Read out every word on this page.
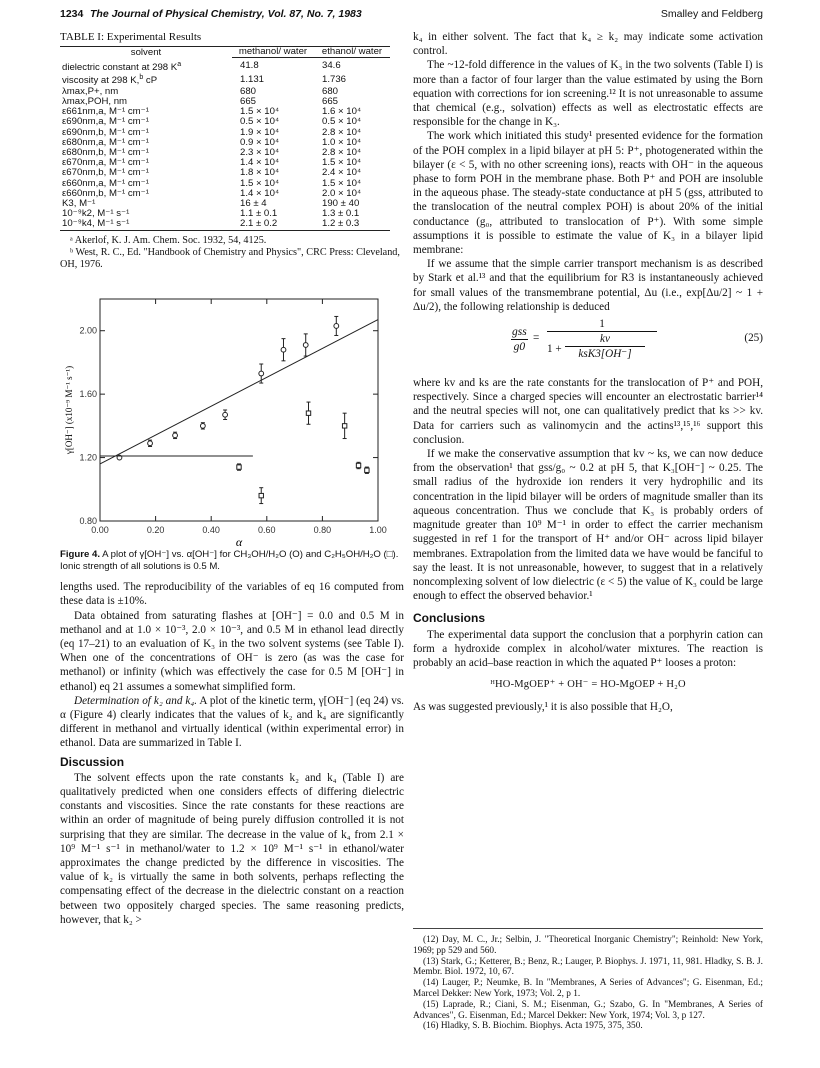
1234 The Journal of Physical Chemistry, Vol. 87, No. 7, 1983	Smalley and Feldberg
TABLE I: Experimental Results
solvent	methanol/ water	ethanol/ water

dielectric constant at 298 $K^a$	41.8	34.6
viscosity at 298 K,$^b$ cP	1.131	1.736
λmax,P+, nm	680	680
λmax,POH, nm	665	665
ε661nm,a, M⁻¹ cm⁻¹	1.5 × 10⁴	1.6 × 10⁴
ε690nm,a, M⁻¹ cm⁻¹	0.5 × 10⁴	0.5 × 10⁴
ε690nm,b, M⁻¹ cm⁻¹	1.9 × 10⁴	2.8 × 10⁴
ε680nm,a, M⁻¹ cm⁻¹	0.9 × 10⁴	1.0 × 10⁴
ε680nm,b, M⁻¹ cm⁻¹	2.3 × 10⁴	2.8 × 10⁴
ε670nm,a, M⁻¹ cm⁻¹	1.4 × 10⁴	1.5 × 10⁴
ε670nm,b, M⁻¹ cm⁻¹	1.8 × 10⁴	2.4 × 10⁴
ε660nm,a, M⁻¹ cm⁻¹	1.5 × 10⁴	1.5 × 10⁴
ε660nm,b, M⁻¹ cm⁻¹	1.4 × 10⁴	2.0 × 10⁴
K3, M⁻¹	16 ± 4	190 ± 40
10⁻⁹k2, M⁻¹ s⁻¹	1.1 ± 0.1	1.3 ± 0.1
10⁻⁹k4, M⁻¹ s⁻¹	2.1 ± 0.2	1.2 ± 0.3
ᵃ Akerlof, K. J. Am. Chem. Soc. 1932, 54, 4125.
ᵇ West, R. C., Ed. "Handbook of Chemistry and Physics", CRC Press: Cleveland, OH, 1976.
0.00	0.20	0.40	0.60	0.80	1.00
0.80
1.20
1.60
2.00
α
γ[OH⁻] (x10⁻⁹ M⁻¹ s⁻¹)
Figure 4. A plot of γ[OH⁻] vs. α[OH⁻] for CH₃OH/H₂O (O) and C₂H₅OH/H₂O (□). Ionic strength of all solutions is 0.5 M.

lengths used. The reproducibility of the variables of eq 16 computed from these data is ±10%.

Data obtained from saturating flashes at [OH⁻] = 0.0 and 0.5 M in methanol and at 1.0 × 10⁻³, 2.0 × 10⁻³, and 0.5 M in ethanol lead directly (eq 17–21) to an evaluation of K₃ in the two solvent systems (see Table I). When one of the concentrations of OH⁻ is zero (as was the case for methanol) or infinity (which was effectively the case for 0.5 M [OH⁻] in ethanol) eq 21 assumes a somewhat simplified form.

Determination of k₂ and k₄. A plot of the kinetic term, γ[OH⁻] (eq 24) vs. α (Figure 4) clearly indicates that the values of k₂ and k₄ are significantly different in methanol and virtually identical (within experimental error) in ethanol. Data are summarized in Table I.

Discussion

The solvent effects upon the rate constants k₂ and k₄ (Table I) are qualitatively predicted when one considers effects of differing dielectric constants and viscosities. Since the rate constants for these reactions are within an order of magnitude of being purely diffusion controlled it is not surprising that they are similar. The decrease in the value of k₄ from 2.1 × 10⁹ M⁻¹ s⁻¹ in methanol/water to 1.2 × 10⁹ M⁻¹ s⁻¹ in ethanol/water approximates the change predicted by the difference in viscosities. The value of k₂ is virtually the same in both solvents, perhaps reflecting the compensating effect of the decrease in the dielectric constant on a reaction between two oppositely charged species. The same reasoning predicts, however, that k₂ >

k₄ in either solvent. The fact that k₄ ≥ k₂ may indicate some activation control.

The ~12-fold difference in the values of K₃ in the two solvents (Table I) is more than a factor of four larger than the value estimated by using the Born equation with corrections for ion screening.¹² It is not unreasonable to assume that chemical (e.g., solvation) effects as well as electrostatic effects are responsible for the change in K₃.

The work which initiated this study¹ presented evidence for the formation of the POH complex in a lipid bilayer at pH 5: P⁺, photogenerated within the bilayer (ε < 5, with no other screening ions), reacts with OH⁻ in the aqueous phase to form POH in the membrane phase. Both P⁺ and POH are insoluble in the aqueous phase. The steady-state conductance at pH 5 (gss, attributed to the translocation of the neutral complex POH) is about 20% of the initial conductance (g₀, attributed to translocation of P⁺). With some simple assumptions it is possible to estimate the value of K₃ in a bilayer lipid membrane:

If we assume that the simple carrier transport mechanism is as described by Stark et al.¹³ and that the equilibrium for R3 is instantaneously achieved for small values of the transmembrane potential, Δu (i.e., exp[Δu/2] ~ 1 + Δu/2), the following relationship is deduced

gss
g0
=
1
1 +
kv
ksK3[OH⁻]
(25)

where kv and ks are the rate constants for the translocation of P⁺ and POH, respectively. Since a charged species will encounter an electrostatic barrier¹⁴ and the neutral species will not, one can qualitatively predict that ks >> kv. Data for carriers such as valinomycin and the actins¹³,¹⁵,¹⁶ support this conclusion.

If we make the conservative assumption that kv ~ ks, we can now deduce from the observation¹ that gss/g₀ ~ 0.2 at pH 5, that K₃[OH⁻] ~ 0.25. The small radius of the hydroxide ion renders it very hydrophilic and its concentration in the lipid bilayer will be orders of magnitude smaller than its aqueous concentration. Thus we conclude that K₃ is probably orders of magnitude greater than 10⁹ M⁻¹ in order to effect the carrier mechanism suggested in ref 1 for the transport of H⁺ and/or OH⁻ across lipid bilayer membranes. Extrapolation from the limited data we have would be fanciful to say the least. It is not unreasonable, however, to suggest that in a relatively noncomplexing solvent of low dielectric (ε < 5) the value of K₃ could be large enough to effect the observed behavior.¹

Conclusions

The experimental data support the conclusion that a porphyrin cation can form a hydroxide complex in alcohol/water mixtures. The reaction is probably an acid–base reaction in which the aquated P⁺ looses a proton:

ᴴHO-MgOEP⁺ + OH⁻ = HO-MgOEP + H₂O

As was suggested previously,¹ it is also possible that H₂O,

(12) Day, M. C., Jr.; Selbin, J. "Theoretical Inorganic Chemistry"; Reinhold: New York, 1969; pp 529 and 560.
(13) Stark, G.; Ketterer, B.; Benz, R.; Lauger, P. Biophys. J. 1971, 11, 981. Hladky, S. B. J. Membr. Biol. 1972, 10, 67.
(14) Lauger, P.; Neumke, B. In "Membranes, A Series of Advances"; G. Eisenman, Ed.; Marcel Dekker: New York, 1973; Vol. 2, p 1.
(15) Laprade, R.; Ciani, S. M.; Eisenman, G.; Szabo, G. In "Membranes, A Series of Advances", G. Eisenman, Ed.; Marcel Dekker: New York, 1974; Vol. 3, p 127.
(16) Hladky, S. B. Biochim. Biophys. Acta 1975, 375, 350.
